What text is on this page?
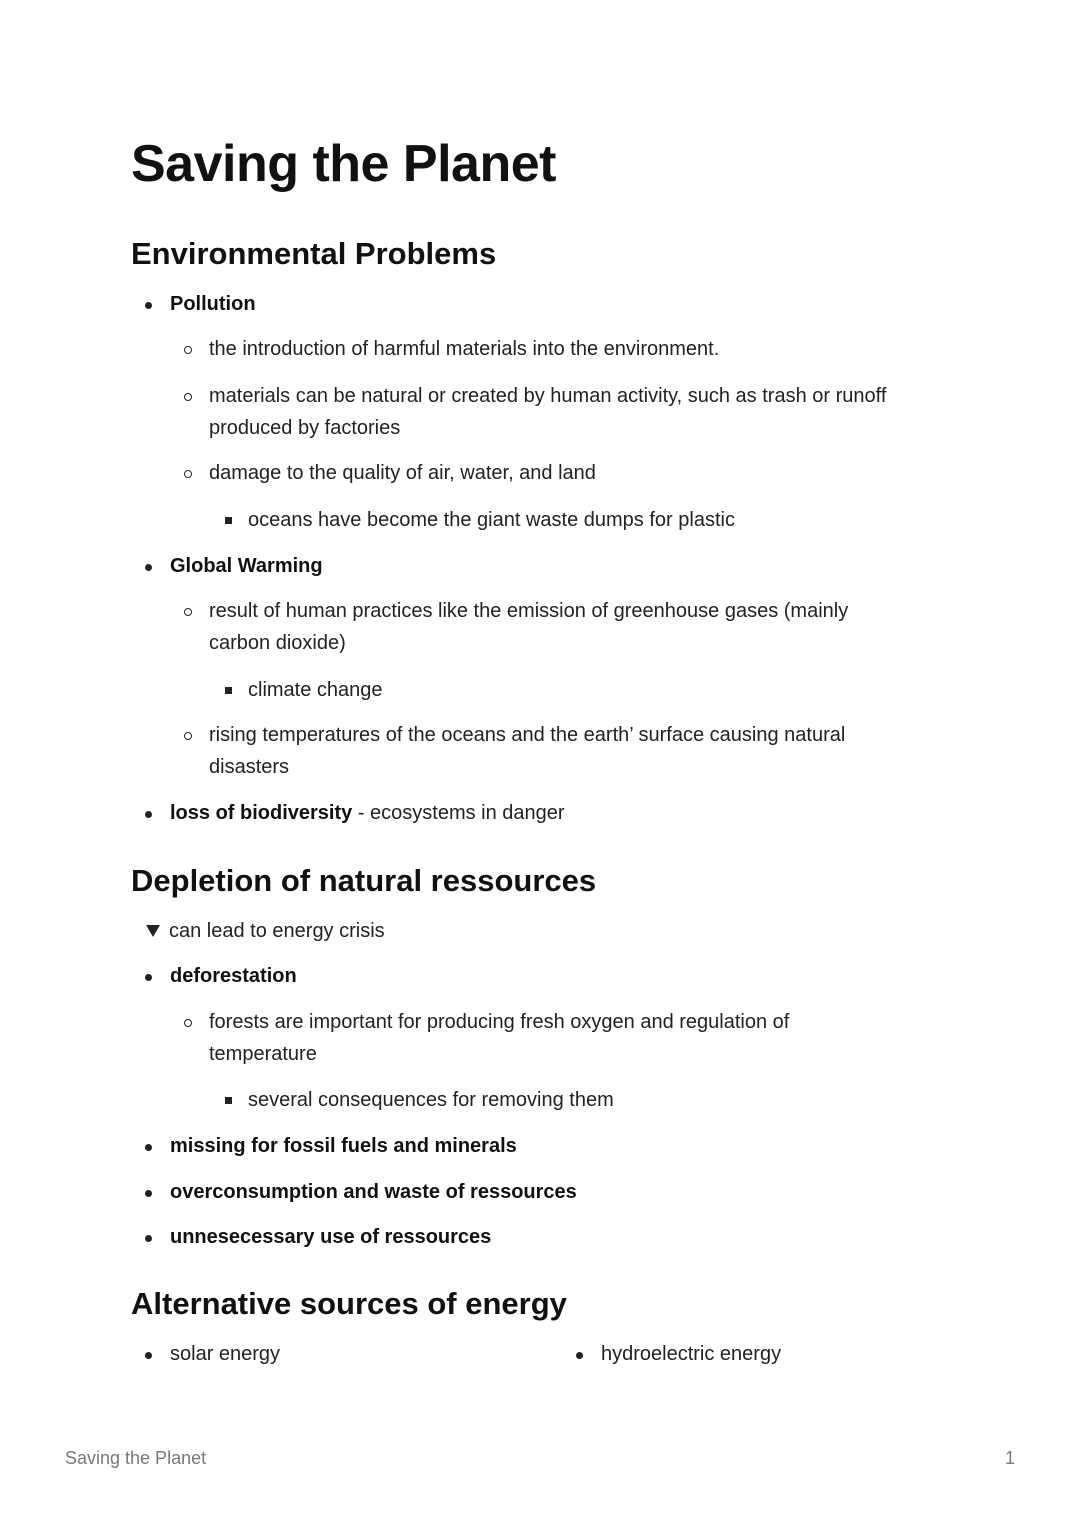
Saving the Planet
Environmental Problems
Pollution
the introduction of harmful materials into the environment.
materials can be natural or created by human activity, such as trash or runoff
produced by factories
damage to the quality of air, water, and land
oceans have become the giant waste dumps for plastic
Global Warming
result of human practices like the emission of greenhouse gases (mainly
carbon dioxide)
climate change
rising temperatures of the oceans and the earth’ surface causing natural
disasters
loss of biodiversity - ecosystems in danger
Depletion of natural ressources
can lead to energy crisis
deforestation
forests are important for producing fresh oxygen and regulation of
temperature
several consequences for removing them
missing for fossil fuels and minerals
overconsumption and waste of ressources
unnesecessary use of ressources
Alternative sources of energy
solar energy	hydroelectric energy
Saving the Planet	1
